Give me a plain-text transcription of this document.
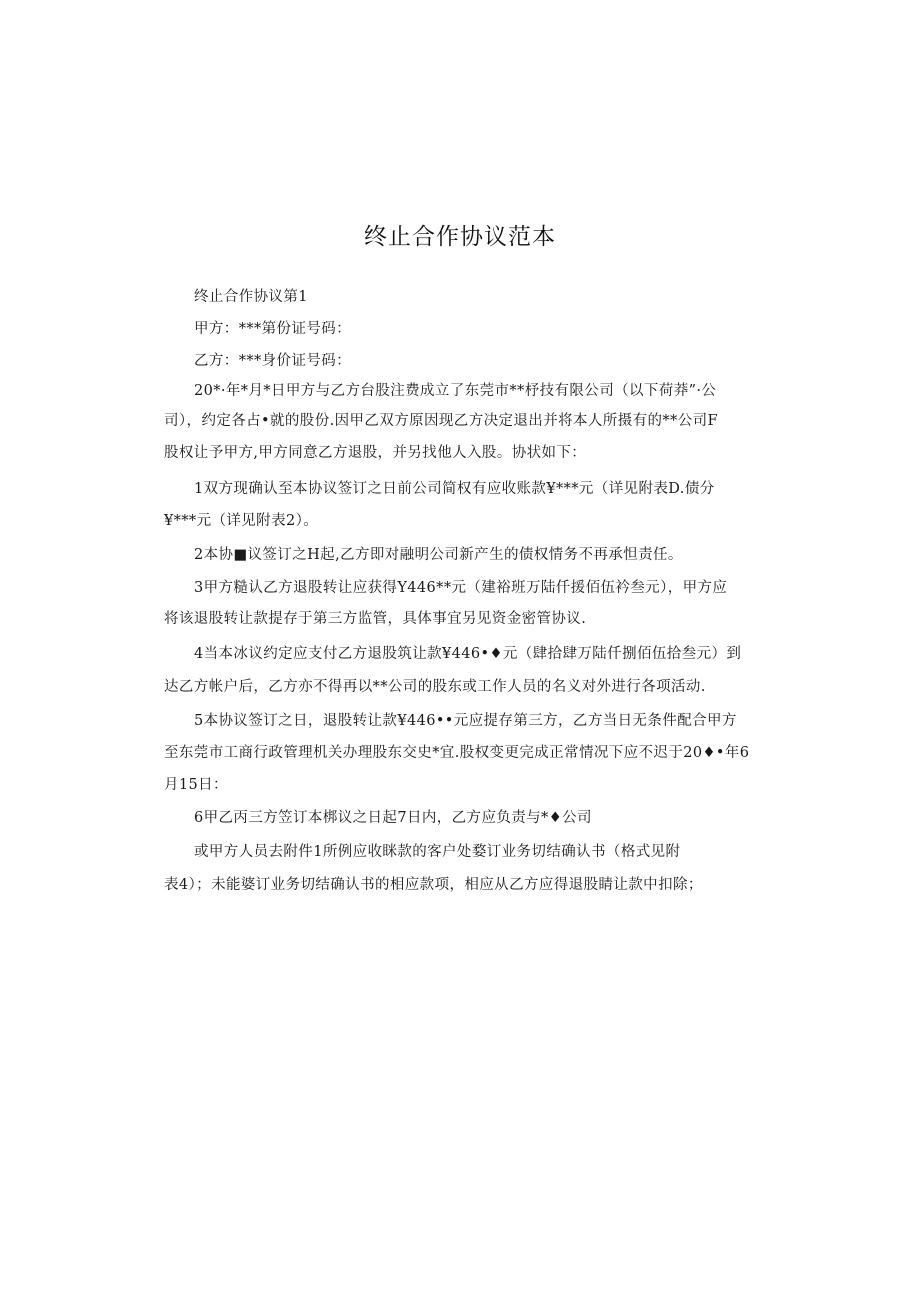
终止合作协议范本
终止合作协议第1
甲方：***第份证号码：
乙方：***身价证号码：
20*·年*月*日甲方与乙方台股注费成立了东莞市**杼技有限公司（以下荷莽”·公
司），约定各占•就的股份.因甲乙双方原因现乙方决定退出并将本人所摄有的**公司F
股权让予甲方,甲方同意乙方退股，并另找他人入股。协状如下：
1双方现确认至本协议签订之日前公司简权有应收账款¥***元（详见附表D.债分
¥***元（详见附表2）。
2本协■议签订之H起,乙方即对融明公司新产生的债权情务不再承怛责任。
3甲方糙认乙方退股转让应获得Y446**元（建裕班万陆仟援佰伍衿叁元），甲方应
将该退股转让款提存于第三方监管，具体事宜另见资金密管协议.
4当本冰议约定应支付乙方退股筑让款¥446•♦元（肆拾肆万陆仟捌佰伍拾叁元）到
达乙方帐户后，乙方亦不得再以**公司的股东或工作人员的名义对外进行各项活动.
5本协议签订之日，退股转让款¥446••元应提存第三方，乙方当日无条件配合甲方
至东莞市工商行政管理机关办理股东交史*宜.股权变更完成正常情况下应不迟于20♦•年6
月15日：
6甲乙丙三方笠订本梆议之日起7日内，乙方应负责与*♦公司
或甲方人员去附件1所例应收眯款的客户处婺订业务切结确认书（格式见附
表4）；未能婆订业务切结确认书的相应款项，相应从乙方应得退股睛让款中扣除；
